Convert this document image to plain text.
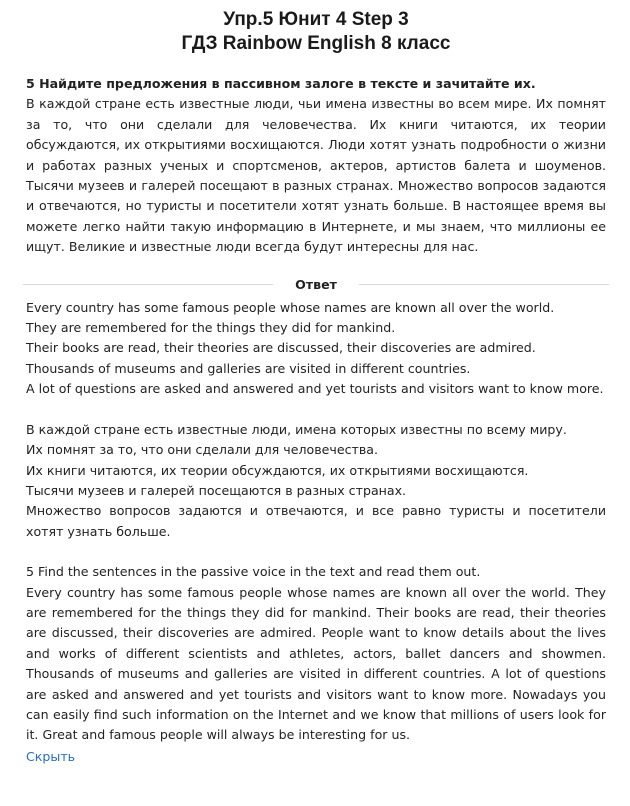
Упр.5 Юнит 4 Step 3
ГДЗ Rainbow English 8 класс
5 Найдите предложения в пассивном залоге в тексте и зачитайте их.
В каждой стране есть известные люди, чьи имена известны во всем мире. Их помнят за то, что они сделали для человечества. Их книги читаются, их теории обсуждаются, их открытиями восхищаются. Люди хотят узнать подробности о жизни и работах разных ученых и спортсменов, актеров, артистов балета и шоуменов. Тысячи музеев и галерей посещают в разных странах. Множество вопросов задаются и отвечаются, но туристы и посетители хотят узнать больше. В настоящее время вы можете легко найти такую информацию в Интернете, и мы знаем, что миллионы ее ищут. Великие и известные люди всегда будут интересны для нас.
Ответ
Every country has some famous people whose names are known all over the world.
They are remembered for the things they did for mankind.
Their books are read, their theories are discussed, their discoveries are admired.
Thousands of museums and galleries are visited in different countries.
A lot of questions are asked and answered and yet tourists and visitors want to know more.
В каждой стране есть известные люди, имена которых известны по всему миру.
Их помнят за то, что они сделали для человечества.
Их книги читаются, их теории обсуждаются, их открытиями восхищаются.
Тысячи музеев и галерей посещаются в разных странах.
Множество вопросов задаются и отвечаются, и все равно туристы и посетители хотят узнать больше.
5 Find the sentences in the passive voice in the text and read them out.
Every country has some famous people whose names are known all over the world. They are remembered for the things they did for mankind. Their books are read, their theories are discussed, their discoveries are admired. People want to know details about the lives and works of different scientists and athletes, actors, ballet dancers and showmen. Thousands of museums and galleries are visited in different countries. A lot of questions are asked and answered and yet tourists and visitors want to know more. Nowadays you can easily find such information on the Internet and we know that millions of users look for it. Great and famous people will always be interesting for us.
Скрыть
